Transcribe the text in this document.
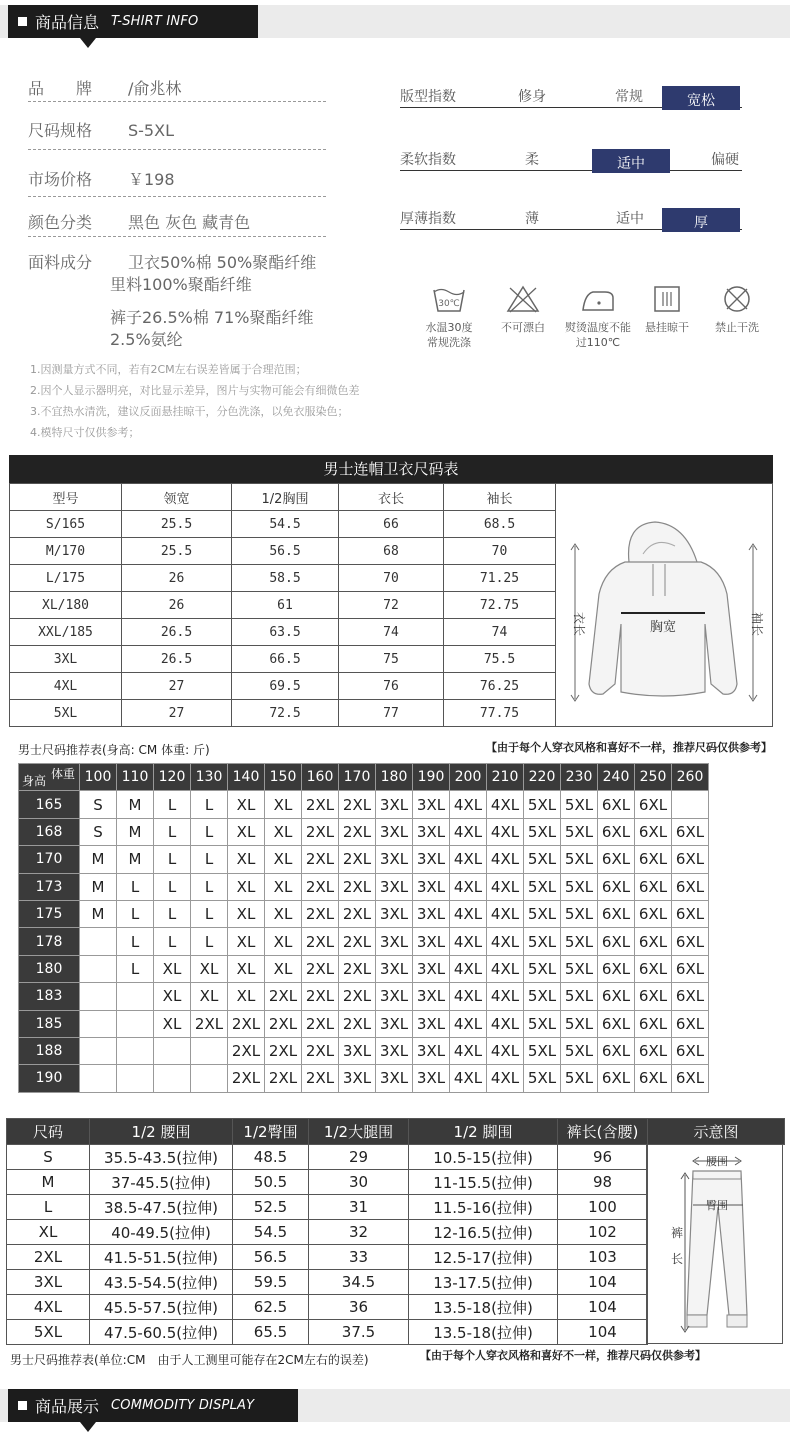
商品信息 T-SHIRT INFO
品　　牌 /俞兆林
尺码规格 S-5XL
市场价格 ￥198
颜色分类 黑色 灰色 藏青色
面料成分 卫衣50%棉 50%聚酯纤维
里料100%聚酯纤维
裤子26.5%棉 71%聚酯纤维
2.5%氨纶
版型指数	修身	常规	宽松
柔软指数	柔	适中	偏硬
厚薄指数	薄	适中	厚
30℃
水温30度
常规洗涤
不可漂白	熨烫温度不能
过110℃
悬挂晾干	禁止干洗
1.因测量方式不同，若有2CM左右误差皆属于合理范围；
2.因个人显示器明亮，对比显示差异，图片与实物可能会有细微色差
3.不宜热水清洗，建议反面悬挂晾干，分色洗涤，以免衣服染色；
4.模特尺寸仅供参考；
男士连帽卫衣尺码表
型号	领宽	1/2胸围	衣长	袖长
S/165	25.5	54.5	66	68.5
M/170	25.5	56.5	68	70
L/175	26	58.5	70	71.25
XL/180	26	61	72	72.75
XXL/185	26.5	63.5	74	74
3XL	26.5	66.5	75	75.5
4XL	27	69.5	76	76.25
5XL	27	72.5	77	77.75
胸宽
衣长	袖长
男士尺码推荐表(身高: CM 体重: 斤)	【由于每个人穿衣风格和喜好不一样，推荐尺码仅供参考】
体重
身高	100	110	120	130	140	150	160	170	180	190	200	210	220	230	240	250	260
165	S	M	L	L	XL	XL	2XL	2XL	3XL	3XL	4XL	4XL	5XL	5XL	6XL	6XL	
168	S	M	L	L	XL	XL	2XL	2XL	3XL	3XL	4XL	4XL	5XL	5XL	6XL	6XL	6XL
170	M	M	L	L	XL	XL	2XL	2XL	3XL	3XL	4XL	4XL	5XL	5XL	6XL	6XL	6XL
173	M	L	L	L	XL	XL	2XL	2XL	3XL	3XL	4XL	4XL	5XL	5XL	6XL	6XL	6XL
175	M	L	L	L	XL	XL	2XL	2XL	3XL	3XL	4XL	4XL	5XL	5XL	6XL	6XL	6XL
178		L	L	L	XL	XL	2XL	2XL	3XL	3XL	4XL	4XL	5XL	5XL	6XL	6XL	6XL
180		L	XL	XL	XL	XL	2XL	2XL	3XL	3XL	4XL	4XL	5XL	5XL	6XL	6XL	6XL
183			XL	XL	XL	2XL	2XL	2XL	3XL	3XL	4XL	4XL	5XL	5XL	6XL	6XL	6XL
185			XL	2XL	2XL	2XL	2XL	2XL	3XL	3XL	4XL	4XL	5XL	5XL	6XL	6XL	6XL
188					2XL	2XL	2XL	3XL	3XL	3XL	4XL	4XL	5XL	5XL	6XL	6XL	6XL
190					2XL	2XL	2XL	3XL	3XL	3XL	4XL	4XL	5XL	5XL	6XL	6XL	6XL
尺码	1/2 腰围	1/2臀围	1/2大腿围	1/2 脚围	裤长(含腰)	示意图
S	35.5-43.5(拉伸)	48.5	29	10.5-15(拉伸)	96	
M	37-45.5(拉伸)	50.5	30	11-15.5(拉伸)	98	
L	38.5-47.5(拉伸)	52.5	31	11.5-16(拉伸)	100	
XL	40-49.5(拉伸)	54.5	32	12-16.5(拉伸)	102	
2XL	41.5-51.5(拉伸)	56.5	33	12.5-17(拉伸)	103	
3XL	43.5-54.5(拉伸)	59.5	34.5	13-17.5(拉伸)	104	
4XL	45.5-57.5(拉伸)	62.5	36	13.5-18(拉伸)	104	
5XL	47.5-60.5(拉伸)	65.5	37.5	13.5-18(拉伸)	104	
腰围
臀围
裤
长
男士尺码推荐表(单位:CM　由于人工测里可能存在2CM左右的误差)	【由于每个人穿衣风格和喜好不一样，推荐尺码仅供参考】
商品展示 COMMODITY DISPLAY
